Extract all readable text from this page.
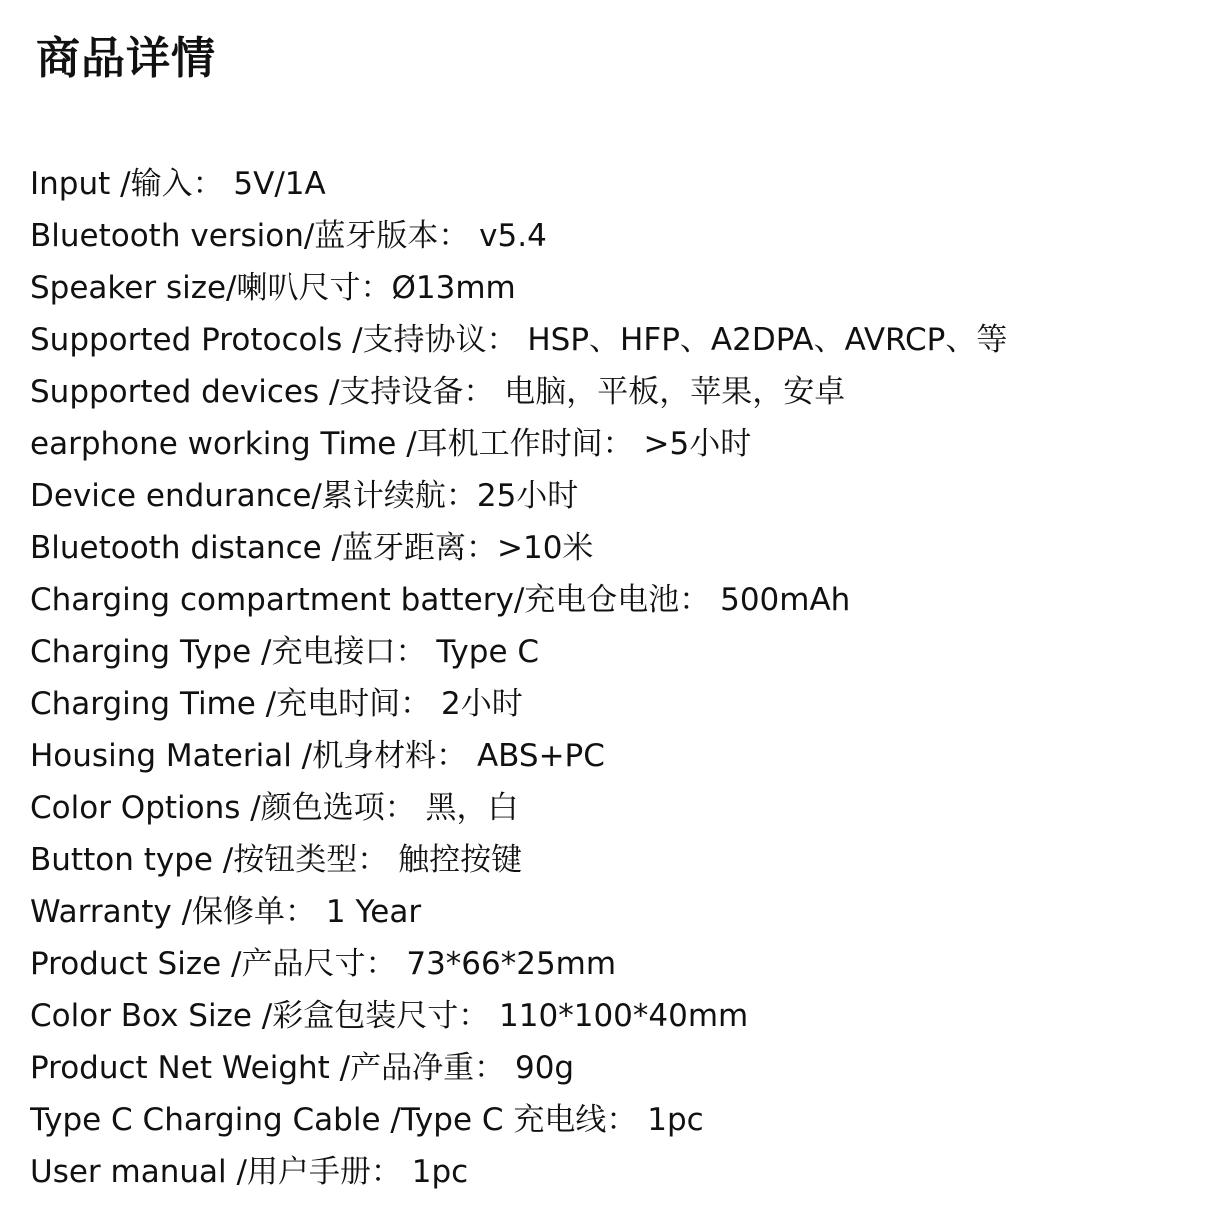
商品详情
Input /输入： 5V/1A
Bluetooth version/蓝牙版本： v5.4
Speaker size/喇叭尺寸：Ø13mm
Supported Protocols /支持协议： HSP、HFP、A2DPA、AVRCP、等
Supported devices /支持设备： 电脑，平板，苹果，安卓
earphone working Time /耳机工作时间： >5小时
Device endurance/累计续航：25小时
Bluetooth distance /蓝牙距离：>10米
Charging compartment battery/充电仓电池： 500mAh
Charging Type /充电接口： Type C
Charging Time /充电时间： 2小时
Housing Material /机身材料： ABS+PC
Color Options /颜色选项： 黑，白
Button type /按钮类型： 触控按键
Warranty /保修单： 1 Year
Product Size /产品尺寸： 73*66*25mm
Color Box Size /彩盒包装尺寸： 110*100*40mm
Product Net Weight /产品净重： 90g
Type C Charging Cable /Type C 充电线： 1pc
User manual /用户手册： 1pc
